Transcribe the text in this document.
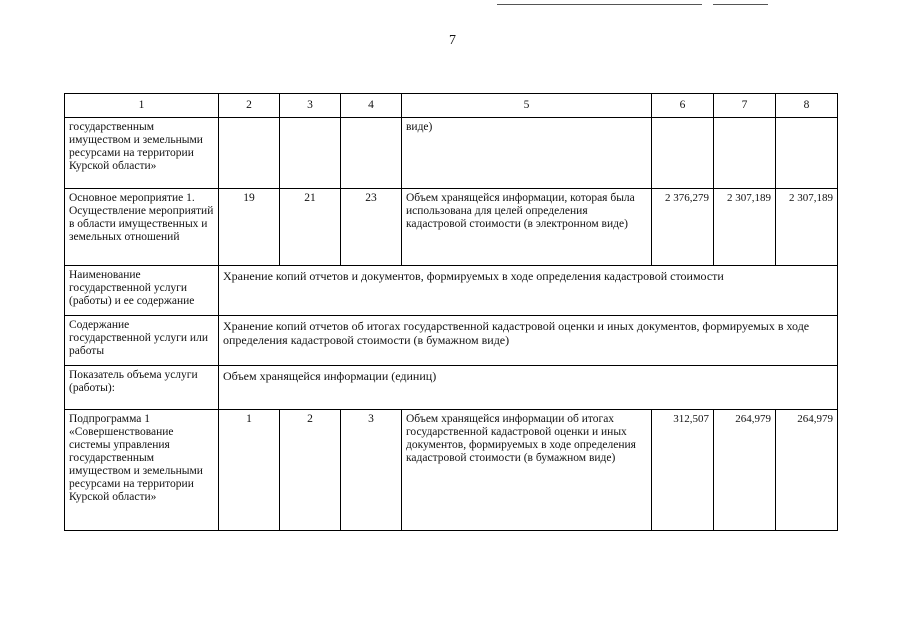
7
1	2	3	4	5	6	7	8
государственным имуществом и земельными ресурсами на территории Курской области»				виде)			
Основное мероприятие 1. Осуществление мероприятий в области имущественных и земельных отношений	19	21	23	Объем хранящейся информации, которая была использована для целей определения кадастровой стоимости (в электронном виде)	2 376,279	2 307,189	2 307,189
Наименование государственной услуги (работы) и ее содержание	Хранение копий отчетов и документов, формируемых в ходе определения кадастровой стоимости						
Содержание государственной услуги или работы	Хранение копий отчетов об итогах государственной кадастровой оценки и иных документов, формируемых в ходе определения кадастровой стоимости (в бумажном виде)						
Показатель объема услуги (работы):	Объем хранящейся информации (единиц)						
Подпрограмма 1 «Совершенствование системы управления государственным имуществом и земельными ресурсами на территории Курской области»	1	2	3	Объем хранящейся информации об итогах государственной кадастровой оценки и иных документов, формируемых в ходе определения кадастровой стоимости (в бумажном виде)	312,507	264,979	264,979
